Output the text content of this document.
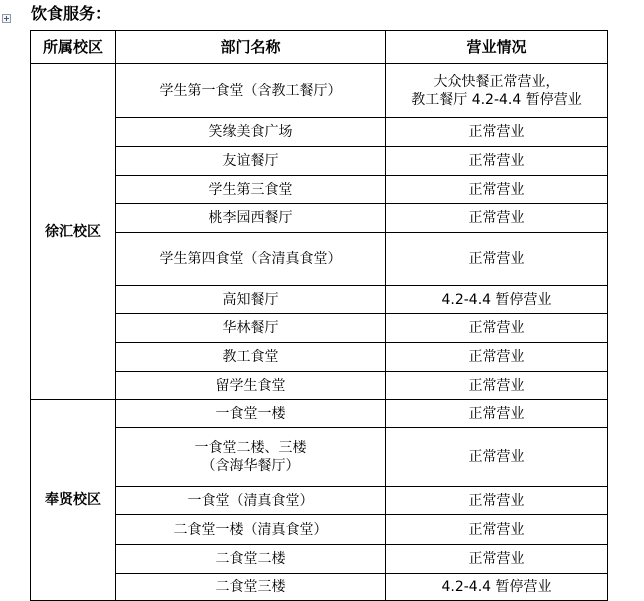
饮食服务：
所属校区	部门名称	营业情况
徐汇校区	学生第一食堂（含教工餐厅）	大众快餐正常营业，
教工餐厅 4.2-4.4 暂停营业

	笑缘美食广场	正常营业

	友谊餐厅	正常营业

	学生第三食堂	正常营业

	桃李园西餐厅	正常营业

	学生第四食堂（含清真食堂）	正常营业

	高知餐厅	4.2-4.4 暂停营业

	华林餐厅	正常营业

	教工食堂	正常营业

	留学生食堂	正常营业

奉贤校区	一食堂一楼	正常营业

	一食堂二楼、三楼
（含海华餐厅）	正常营业

	一食堂（清真食堂）	正常营业

	二食堂一楼（清真食堂）	正常营业

	二食堂二楼	正常营业

	二食堂三楼	4.2-4.4 暂停营业
